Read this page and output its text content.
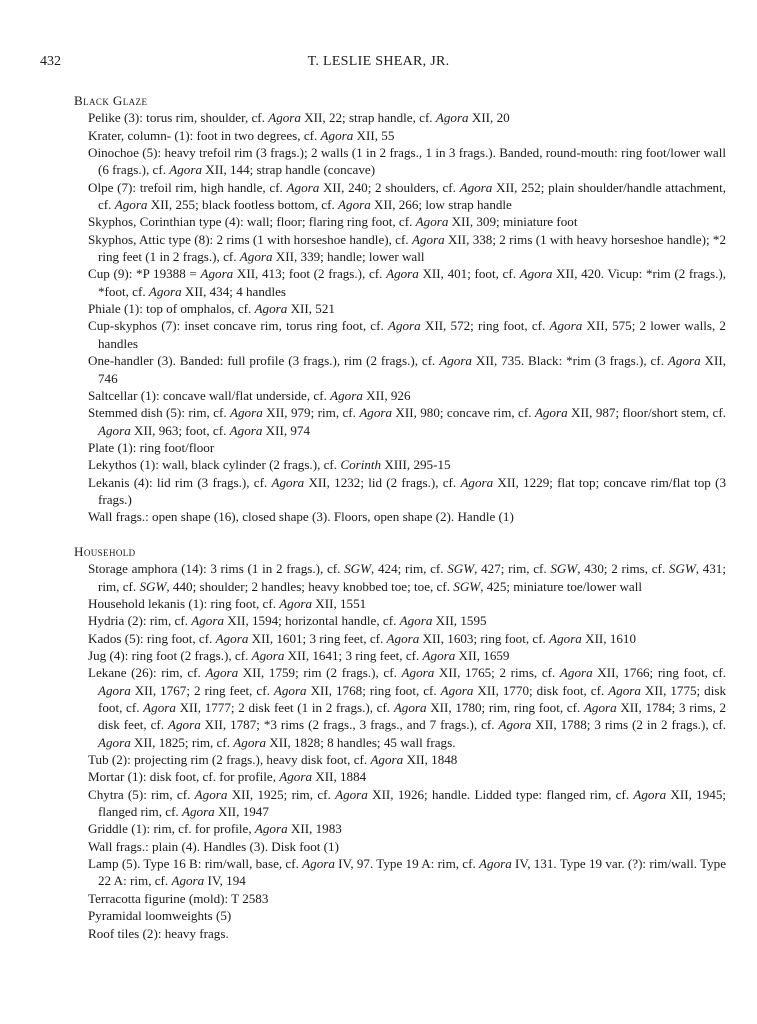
432	T. LESLIE SHEAR, JR.

Black Glaze

Pelike (3): torus rim, shoulder, cf. Agora XII, 22; strap handle, cf. Agora XII, 20

Krater, column- (1): foot in two degrees, cf. Agora XII, 55

Oinochoe (5): heavy trefoil rim (3 frags.); 2 walls (1 in 2 frags., 1 in 3 frags.). Banded, round-mouth: ring foot/lower wall (6 frags.), cf. Agora XII, 144; strap handle (concave)

Olpe (7): trefoil rim, high handle, cf. Agora XII, 240; 2 shoulders, cf. Agora XII, 252; plain shoulder/handle attachment, cf. Agora XII, 255; black footless bottom, cf. Agora XII, 266; low strap handle

Skyphos, Corinthian type (4): wall; floor; flaring ring foot, cf. Agora XII, 309; miniature foot

Skyphos, Attic type (8): 2 rims (1 with horseshoe handle), cf. Agora XII, 338; 2 rims (1 with heavy horseshoe handle); *2 ring feet (1 in 2 frags.), cf. Agora XII, 339; handle; lower wall

Cup (9): *P 19388 = Agora XII, 413; foot (2 frags.), cf. Agora XII, 401; foot, cf. Agora XII, 420. Vicup: *rim (2 frags.), *foot, cf. Agora XII, 434; 4 handles

Phiale (1): top of omphalos, cf. Agora XII, 521

Cup-skyphos (7): inset concave rim, torus ring foot, cf. Agora XII, 572; ring foot, cf. Agora XII, 575; 2 lower walls, 2 handles

One-handler (3). Banded: full profile (3 frags.), rim (2 frags.), cf. Agora XII, 735. Black: *rim (3 frags.), cf. Agora XII, 746

Saltcellar (1): concave wall/flat underside, cf. Agora XII, 926

Stemmed dish (5): rim, cf. Agora XII, 979; rim, cf. Agora XII, 980; concave rim, cf. Agora XII, 987; floor/short stem, cf. Agora XII, 963; foot, cf. Agora XII, 974

Plate (1): ring foot/floor

Lekythos (1): wall, black cylinder (2 frags.), cf. Corinth XIII, 295-15

Lekanis (4): lid rim (3 frags.), cf. Agora XII, 1232; lid (2 frags.), cf. Agora XII, 1229; flat top; concave rim/flat top (3 frags.)

Wall frags.: open shape (16), closed shape (3). Floors, open shape (2). Handle (1)

Household

Storage amphora (14): 3 rims (1 in 2 frags.), cf. SGW, 424; rim, cf. SGW, 427; rim, cf. SGW, 430; 2 rims, cf. SGW, 431; rim, cf. SGW, 440; shoulder; 2 handles; heavy knobbed toe; toe, cf. SGW, 425; miniature toe/lower wall

Household lekanis (1): ring foot, cf. Agora XII, 1551

Hydria (2): rim, cf. Agora XII, 1594; horizontal handle, cf. Agora XII, 1595

Kados (5): ring foot, cf. Agora XII, 1601; 3 ring feet, cf. Agora XII, 1603; ring foot, cf. Agora XII, 1610

Jug (4): ring foot (2 frags.), cf. Agora XII, 1641; 3 ring feet, cf. Agora XII, 1659

Lekane (26): rim, cf. Agora XII, 1759; rim (2 frags.), cf. Agora XII, 1765; 2 rims, cf. Agora XII, 1766; ring foot, cf. Agora XII, 1767; 2 ring feet, cf. Agora XII, 1768; ring foot, cf. Agora XII, 1770; disk foot, cf. Agora XII, 1775; disk foot, cf. Agora XII, 1777; 2 disk feet (1 in 2 frags.), cf. Agora XII, 1780; rim, ring foot, cf. Agora XII, 1784; 3 rims, 2 disk feet, cf. Agora XII, 1787; *3 rims (2 frags., 3 frags., and 7 frags.), cf. Agora XII, 1788; 3 rims (2 in 2 frags.), cf. Agora XII, 1825; rim, cf. Agora XII, 1828; 8 handles; 45 wall frags.

Tub (2): projecting rim (2 frags.), heavy disk foot, cf. Agora XII, 1848

Mortar (1): disk foot, cf. for profile, Agora XII, 1884

Chytra (5): rim, cf. Agora XII, 1925; rim, cf. Agora XII, 1926; handle. Lidded type: flanged rim, cf. Agora XII, 1945; flanged rim, cf. Agora XII, 1947

Griddle (1): rim, cf. for profile, Agora XII, 1983

Wall frags.: plain (4). Handles (3). Disk foot (1)

Lamp (5). Type 16 B: rim/wall, base, cf. Agora IV, 97. Type 19 A: rim, cf. Agora IV, 131. Type 19 var. (?): rim/wall. Type 22 A: rim, cf. Agora IV, 194

Terracotta figurine (mold): T 2583

Pyramidal loomweights (5)

Roof tiles (2): heavy frags.
